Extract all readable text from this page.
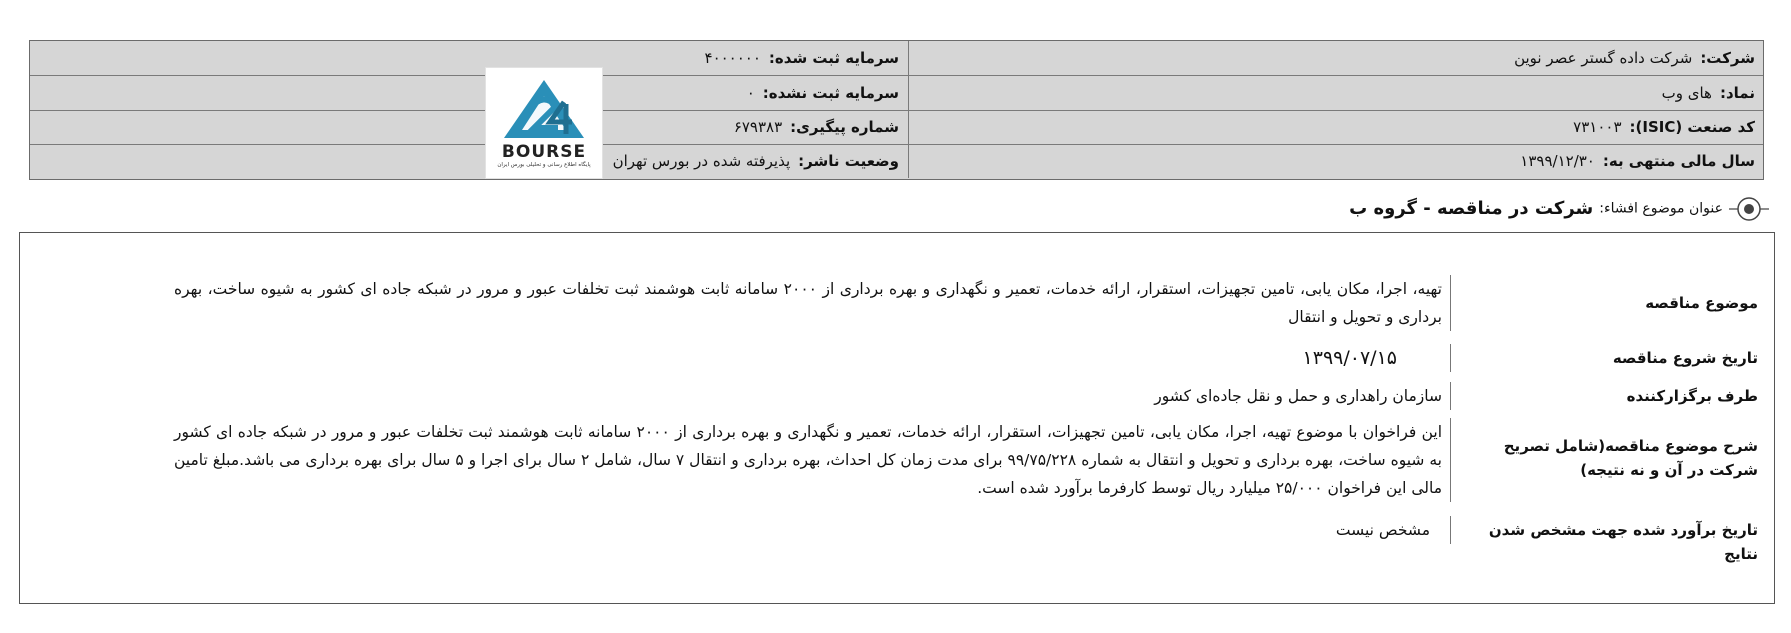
شرکت:شرکت داده گستر عصر نوین
سرمایه ثبت شده:۴۰۰۰۰۰۰
نماد:های وب
سرمایه ثبت نشده:۰
کد صنعت (ISIC):۷۳۱۰۰۳
شماره پیگیری:۶۷۹۳۸۳
سال مالی منتهی به:۱۳۹۹/۱۲/۳۰
وضعیت ناشر:پذیرفته شده در بورس تهران
BOURSE
پایگاه اطلاع رسانی و تحلیلی بورس ایران
عنوان موضوع افشاء:شرکت در مناقصه - گروه ب
موضوع مناقصه
تهیه، اجرا، مکان یابی، تامین تجهیزات، استقرار، ارائه خدمات، تعمیر و نگهداری و بهره برداری از ۲۰۰۰ سامانه ثابت هوشمند ثبت تخلفات عبور و مرور در شبکه جاده ای کشور به شیوه ساخت، بهره برداری و تحویل و انتقال
تاریخ شروع مناقصه
۱۳۹۹/۰۷/۱۵
طرف برگزارکننده
سازمان راهداری و حمل و نقل جاده‌ای کشور
شرح موضوع مناقصه(شامل تصریح شرکت در آن و نه نتیجه)
این فراخوان با موضوع تهیه، اجرا، مکان یابی، تامین تجهیزات، استقرار، ارائه خدمات، تعمیر و نگهداری و بهره برداری از ۲۰۰۰ سامانه ثابت هوشمند ثبت تخلفات عبور و مرور در شبکه جاده ای کشور به شیوه ساخت، بهره برداری و تحویل و انتقال به شماره ۹۹/۷۵/۲۲۸ برای مدت زمان کل احداث، بهره برداری و انتقال ۷ سال، شامل ۲ سال برای اجرا و ۵ سال برای بهره برداری می باشد.مبلغ تامین مالی این فراخوان ۲۵/۰۰۰ میلیارد ریال توسط کارفرما برآورد شده است.
تاریخ برآورد شده جهت مشخص شدن نتایج
مشخص نیست
